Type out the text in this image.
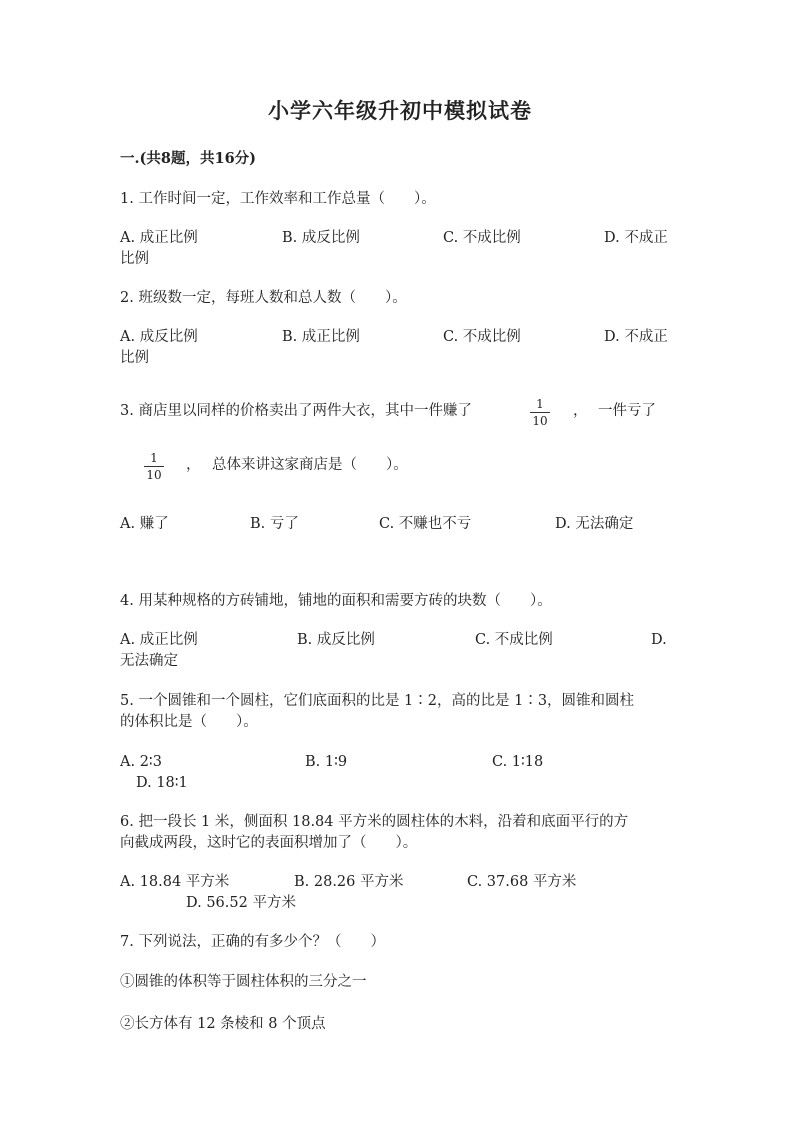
小学六年级升初中模拟试卷
一.(共8题，共16分)
1. 工作时间一定，工作效率和工作总量（　　）。
A. 成正比例	B. 成反比例	C. 不成比例	D. 不成正
比例
2. 班级数一定，每班人数和总人数（　　）。
A. 成反比例	B. 成正比例	C. 不成比例	D. 不成正
比例
3. 商店里以同样的价格卖出了两件大衣，其中一件赚了	1
10
， 一件亏了
1
10
， 总体来讲这家商店是（　　）。
A. 赚了	B. 亏了	C. 不赚也不亏	D. 无法确定
4. 用某种规格的方砖铺地，铺地的面积和需要方砖的块数（　　）。
A. 成正比例	B. 成反比例	C. 不成比例	D.
无法确定
5. 一个圆锥和一个圆柱，它们底面积的比是 1∶2，高的比是 1∶3，圆锥和圆柱
的体积比是（　　）。
A. 2∶3	B. 1∶9	C. 1∶18
D. 18∶1
6. 把一段长 1 米，侧面积 18.84 平方米的圆柱体的木料，沿着和底面平行的方
向截成两段，这时它的表面积增加了（　　）。
A. 18.84 平方米	B. 28.26 平方米	C. 37.68 平方米
D. 56.52 平方米
7. 下列说法，正确的有多少个？（　　）
①圆锥的体积等于圆柱体积的三分之一
②长方体有 12 条棱和 8 个顶点
